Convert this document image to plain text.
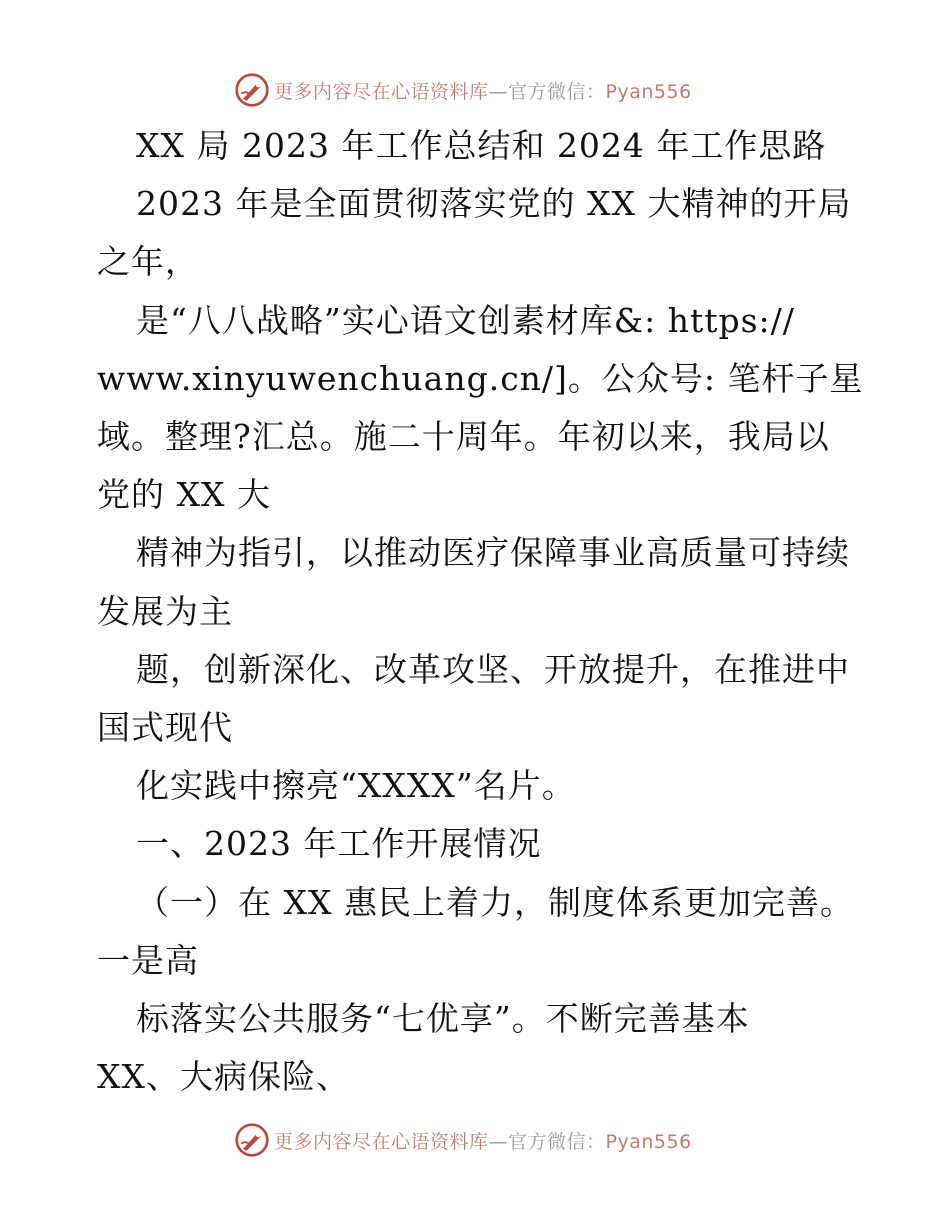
更多内容尽在心语资料库—官方微信：Pyan556
XX 局 2023 年工作总结和 2024 年工作思路
2023 年是全面贯彻落实党的 XX 大精神的开局
之年，
是“八八战略”实心语文创素材库&: https://
www.xinyuwenchuang.cn/]。公众号: 笔杆子星
域。整理?汇总。施二十周年。年初以来，我局以
党的 XX 大
精神为指引，以推动医疗保障事业高质量可持续
发展为主
题，创新深化、改革攻坚、开放提升，在推进中
国式现代
化实践中擦亮“XXXX”名片。
一、2023 年工作开展情况
（一）在 XX 惠民上着力，制度体系更加完善。
一是高
标落实公共服务“七优享”。不断完善基本
XX、大病保险、
更多内容尽在心语资料库—官方微信：Pyan556
